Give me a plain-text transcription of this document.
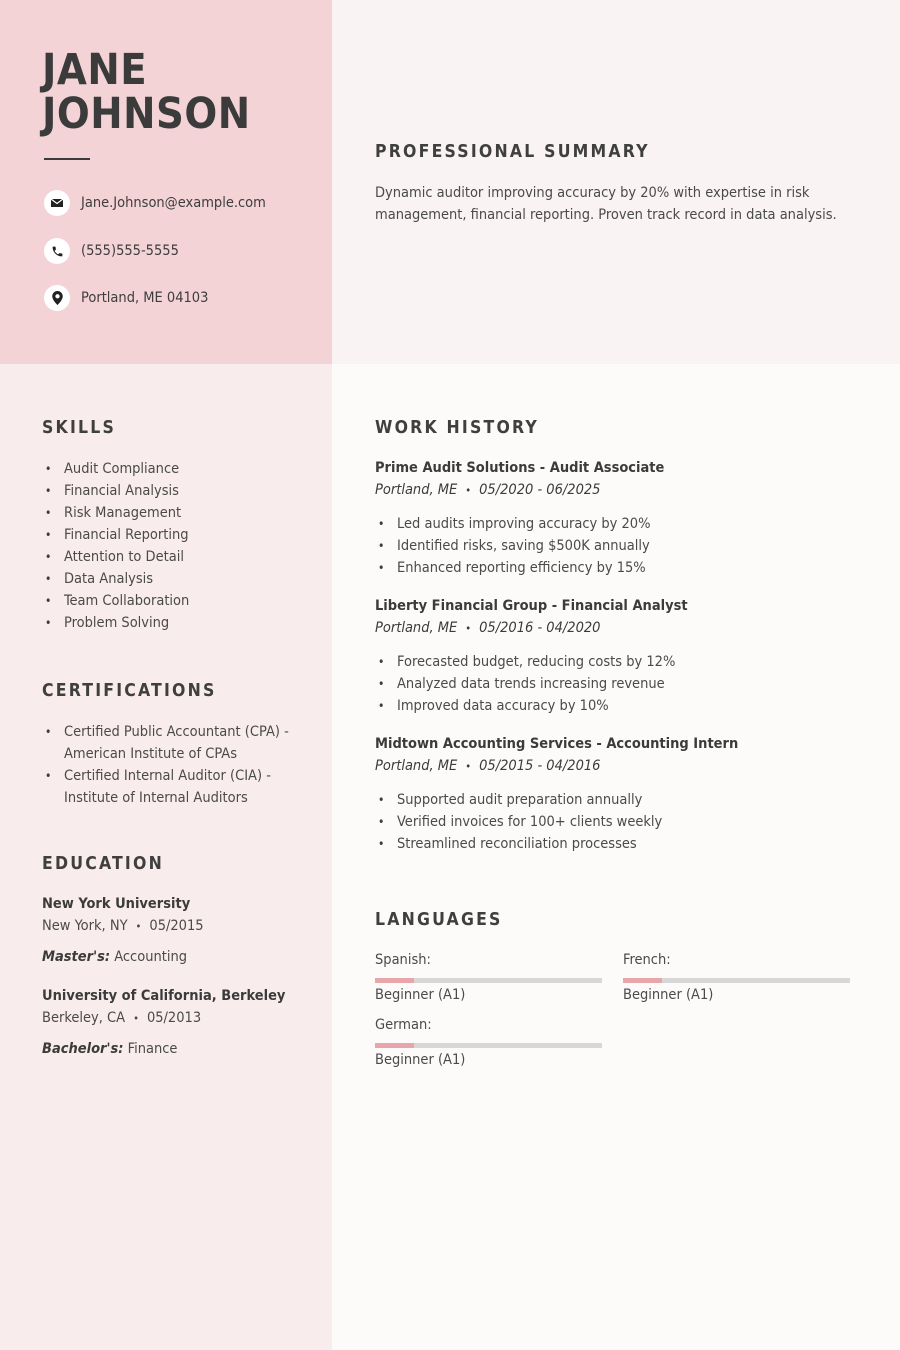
JANE
JOHNSON
Jane.Johnson@example.com
(555)555-5555
Portland, ME 04103
PROFESSIONAL SUMMARY
Dynamic auditor improving accuracy by 20% with expertise in risk management, financial reporting. Proven track record in data analysis.
SKILLS
• Audit Compliance
• Financial Analysis
• Risk Management
• Financial Reporting
• Attention to Detail
• Data Analysis
• Team Collaboration
• Problem Solving
CERTIFICATIONS
• Certified Public Accountant (CPA) - American Institute of CPAs
• Certified Internal Auditor (CIA) - Institute of Internal Auditors
EDUCATION
New York University
New York, NY • 05/2015
Master's: Accounting
University of California, Berkeley
Berkeley, CA • 05/2013
Bachelor's: Finance
WORK HISTORY
Prime Audit Solutions - Audit Associate
Portland, ME • 05/2020 - 06/2025
• Led audits improving accuracy by 20%
• Identified risks, saving $500K annually
• Enhanced reporting efficiency by 15%
Liberty Financial Group - Financial Analyst
Portland, ME • 05/2016 - 04/2020
• Forecasted budget, reducing costs by 12%
• Analyzed data trends increasing revenue
• Improved data accuracy by 10%
Midtown Accounting Services - Accounting Intern
Portland, ME • 05/2015 - 04/2016
• Supported audit preparation annually
• Verified invoices for 100+ clients weekly
• Streamlined reconciliation processes
LANGUAGES
Spanish:
Beginner (A1)
French:
Beginner (A1)
German:
Beginner (A1)
